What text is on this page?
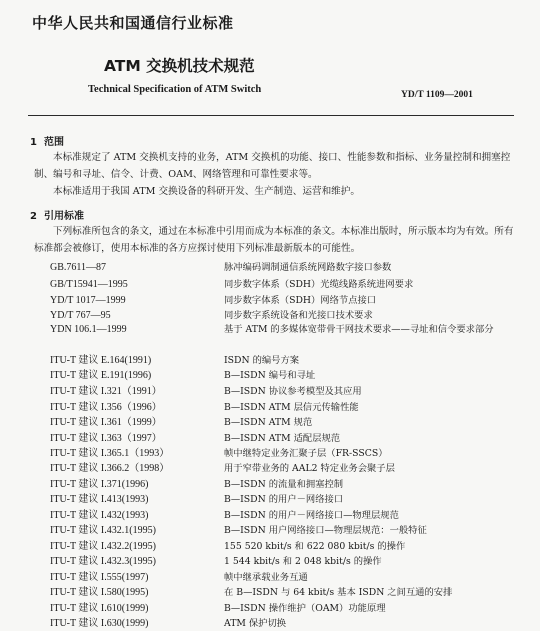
中华人民共和国通信行业标准
ATM 交换机技术规范
Technical Specification of ATM Switch	YD/T 1109—2001
1 范围
本标准规定了 ATM 交换机支持的业务，ATM 交换机的功能、接口、性能参数和指标、业务量控制和拥塞控制、编号和寻址、信令、计费、OAM、网络管理和可靠性要求等。
本标准适用于我国 ATM 交换设备的科研开发、生产制造、运营和维护。
2 引用标准
下列标准所包含的条文，通过在本标准中引用而成为本标准的条文。本标准出版时，所示版本均为有效。所有标准都会被修订，使用本标准的各方应探讨使用下列标准最新版本的可能性。
GB.7611—87	脉冲编码调制通信系统网路数字接口参数
GB/T15941—1995	同步数字体系（SDH）光缆线路系统进网要求
YD/T 1017—1999	同步数字体系（SDH）网络节点接口
YD/T 767—95	同步数字系统设备和光接口技术要求
YDN 106.1—1999	基于 ATM 的多媒体宽带骨干网技术要求——寻址和信令要求部分
ITU-T 建议 E.164(1991)	ISDN 的编号方案
ITU-T 建议 E.191(1996)	B—ISDN 编号和寻址
ITU-T 建议 I.321（1991）	B—ISDN 协议参考模型及其应用
ITU-T 建议 I.356（1996）	B—ISDN ATM 层信元传输性能
ITU-T 建议 I.361（1999）	B—ISDN ATM 规范
ITU-T 建议 I.363（1997）	B—ISDN ATM 适配层规范
ITU-T 建议 I.365.1（1993）	帧中继特定业务汇聚子层（FR-SSCS）
ITU-T 建议 I.366.2（1998）	用于窄带业务的 AAL2 特定业务会聚子层
ITU-T 建议 I.371(1996)	B—ISDN 的流量和拥塞控制
ITU-T 建议 I.413(1993)	B—ISDN 的用户－网络接口
ITU-T 建议 I.432(1993)	B—ISDN 的用户－网络接口—物理层规范
ITU-T 建议 I.432.1(1995)	B—ISDN 用户网络接口—物理层规范：一般特征
ITU-T 建议 I.432.2(1995)	155 520 kbit/s 和 622 080 kbit/s 的操作
ITU-T 建议 I.432.3(1995)	1 544 kbit/s 和 2 048 kbit/s 的操作
ITU-T 建议 I.555(1997)	帧中继承载业务互通
ITU-T 建议 I.580(1995)	在 B—ISDN 与 64 kbit/s 基本 ISDN 之间互通的安排
ITU-T 建议 I.610(1999)	B—ISDN 操作维护（OAM）功能原理
ITU-T 建议 I.630(1999)	ATM 保护切换
